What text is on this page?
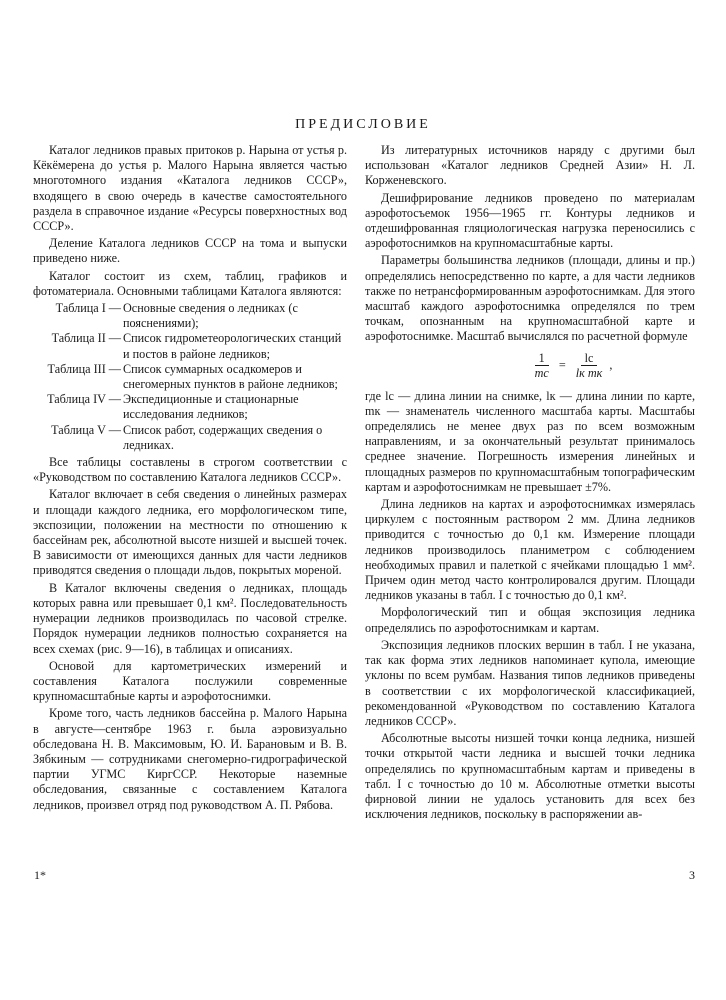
ПРЕДИСЛОВИЕ

Каталог ледников правых притоков р. Нарына от устья р. Кёкёмерена до устья р. Малого Нарына является частью многотомного издания «Каталога ледников СССР», входящего в свою очередь в качестве самостоятельного раздела в справочное издание «Ресурсы поверхностных вод СССР».

Деление Каталога ледников СССР на тома и выпуски приведено ниже.

Каталог состоит из схем, таблиц, графиков и фотоматериала. Основными таблицами Каталога являются:

Таблица I — Основные сведения о ледниках (с пояснениями);
Таблица II — Список гидрометеорологических станций и постов в районе ледников;
Таблица III — Список суммарных осадкомеров и снегомерных пунктов в районе ледников;
Таблица IV — Экспедиционные и стационарные исследования ледников;
Таблица V — Список работ, содержащих сведения о ледниках.

Все таблицы составлены в строгом соответствии с «Руководством по составлению Каталога ледников СССР».

Каталог включает в себя сведения о линейных размерах и площади каждого ледника, его морфологическом типе, экспозиции, положении на местности по отношению к бассейнам рек, абсолютной высоте низшей и высшей точек. В зависимости от имеющихся данных для части ледников приводятся сведения о площади льдов, покрытых мореной.

В Каталог включены сведения о ледниках, площадь которых равна или превышает 0,1 км². Последовательность нумерации ледников производилась по часовой стрелке. Порядок нумерации ледников полностью сохраняется на всех схемах (рис. 9—16), в таблицах и описаниях.

Основой для картометрических измерений и составления Каталога послужили современные крупномасштабные карты и аэрофотоснимки.

Кроме того, часть ледников бассейна р. Малого Нарына в августе—сентябре 1963 г. была аэровизуально обследована Н. В. Максимовым, Ю. И. Барановым и В. В. Зябкиным — сотрудниками снегомерно-гидрографической партии УГМС КиргССР. Некоторые наземные обследования, связанные с составлением Каталога ледников, произвел отряд под руководством А. П. Рябова.

Из литературных источников наряду с другими был использован «Каталог ледников Средней Азии» Н. Л. Корженевского.

Дешифрирование ледников проведено по материалам аэрофотосъемок 1956—1965 гг. Контуры ледников и отдешифрованная гляциологическая нагрузка переносились с аэрофотоснимков на крупномасштабные карты.

Параметры большинства ледников (площади, длины и пр.) определялись непосредственно по карте, а для части ледников также по нетрансформированным аэрофотоснимкам. Для этого масштаб каждого аэрофотоснимка определялся по трем точкам, опознанным на крупномасштабной карте и аэрофотоснимке. Масштаб вычислялся по расчетной формуле

$\frac{1}{mc} = \frac{lc}{\text{lк mк}}$ ,

где lc — длина линии на снимке, lк — длина линии по карте, mк — знаменатель численного масштаба карты. Масштабы определялись не менее двух раз по всем возможным направлениям, и за окончательный результат принималось среднее значение. Погрешность измерения линейных и площадных размеров по крупномасштабным топографическим картам и аэрофотоснимкам не превышает ±7%.

Длина ледников на картах и аэрофотоснимках измерялась циркулем с постоянным раствором 2 мм. Длина ледников приводится с точностью до 0,1 км. Измерение площади ледников производилось планиметром с соблюдением необходимых правил и палеткой с ячейками площадью 1 мм². Причем один метод часто контролировался другим. Площади ледников указаны в табл. I с точностью до 0,1 км².

Морфологический тип и общая экспозиция ледника определялись по аэрофотоснимкам и картам.

Экспозиция ледников плоских вершин в табл. I не указана, так как форма этих ледников напоминает купола, имеющие уклоны по всем румбам. Названия типов ледников приведены в соответствии с их морфологической классификацией, рекомендованной «Руководством по составлению Каталога ледников СССР».

Абсолютные высоты низшей точки конца ледника, низшей точки открытой части ледника и высшей точки ледника определялись по крупномасштабным картам и приведены в табл. I с точностью до 10 м. Абсолютные отметки высоты фирновой линии не удалось установить для всех без исключения ледников, поскольку в распоряжении ав-

1*	3
